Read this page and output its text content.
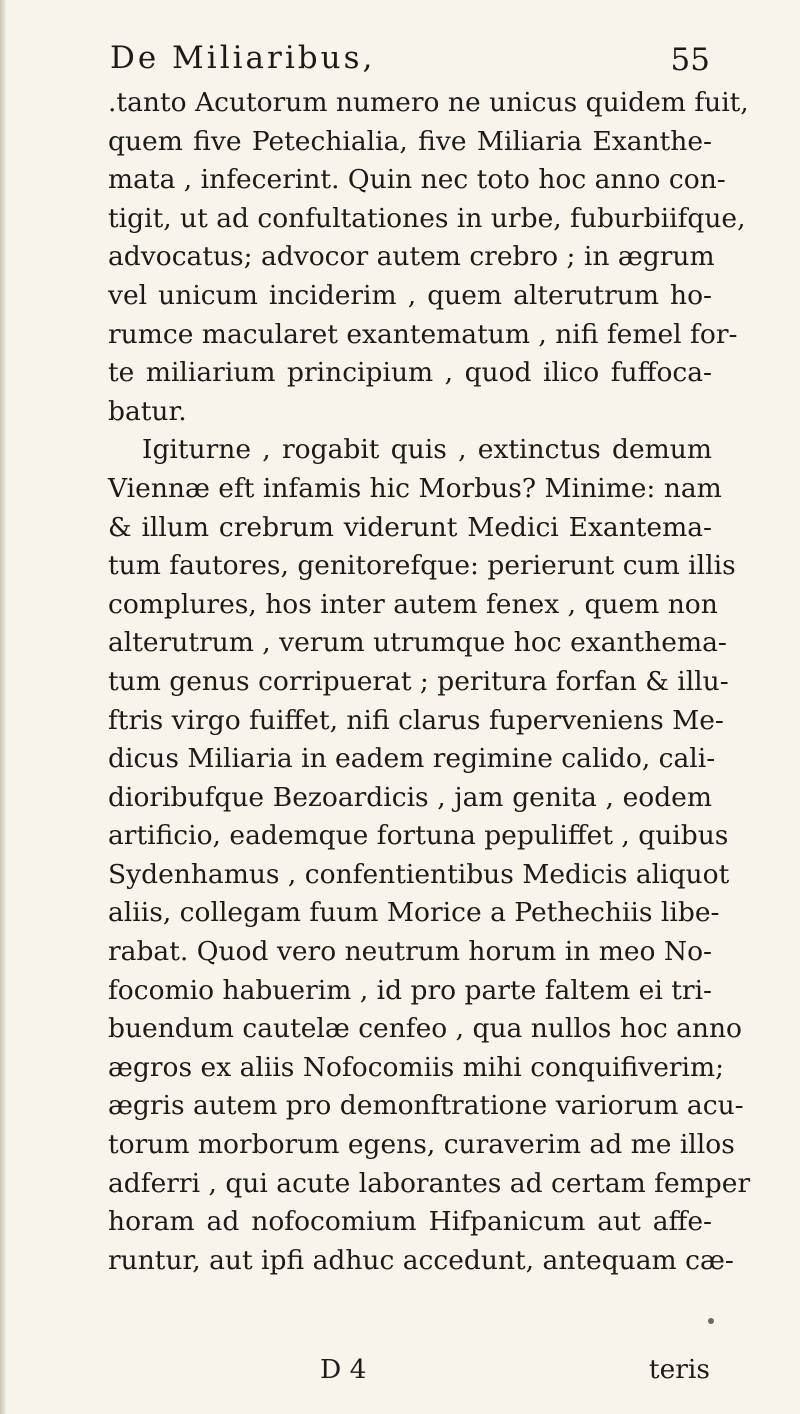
De Miliaribus,	55
.tanto Acutorum numero ne unicus quidem fuit,
quem five Petechialia, five Miliaria Exanthe-
mata , infecerint. Quin nec toto hoc anno con-
tigit, ut ad confultationes in urbe, fuburbiifque,
advocatus; advocor autem crebro ; in ægrum
vel unicum inciderim , quem alterutrum ho-
rumce macularet exantematum , nifi femel for-
te miliarium principium , quod ilico fuffoca-
batur.
Igiturne , rogabit quis , extinctus demum
Viennæ eft infamis hic Morbus? Minime: nam
& illum crebrum viderunt Medici Exantema-
tum fautores, genitorefque: perierunt cum illis
complures, hos inter autem fenex , quem non
alterutrum , verum utrumque hoc exanthema-
tum genus corripuerat ; peritura forfan & illu-
ftris virgo fuiffet, nifi clarus fuperveniens Me-
dicus Miliaria in eadem regimine calido, cali-
dioribufque Bezoardicis , jam genita , eodem
artificio, eademque fortuna pepuliffet , quibus
Sydenhamus , confentientibus Medicis aliquot
aliis, collegam fuum Morice a Pethechiis libe-
rabat. Quod vero neutrum horum in meo No-
focomio habuerim , id pro parte faltem ei tri-
buendum cautelæ cenfeo , qua nullos hoc anno
ægros ex aliis Nofocomiis mihi conquifiverim;
ægris autem pro demonftratione variorum acu-
torum morborum egens, curaverim ad me illos
adferri , qui acute laborantes ad certam femper
horam ad nofocomium Hifpanicum aut affe-
runtur, aut ipfi adhuc accedunt, antequam cæ-
D 4	teris
